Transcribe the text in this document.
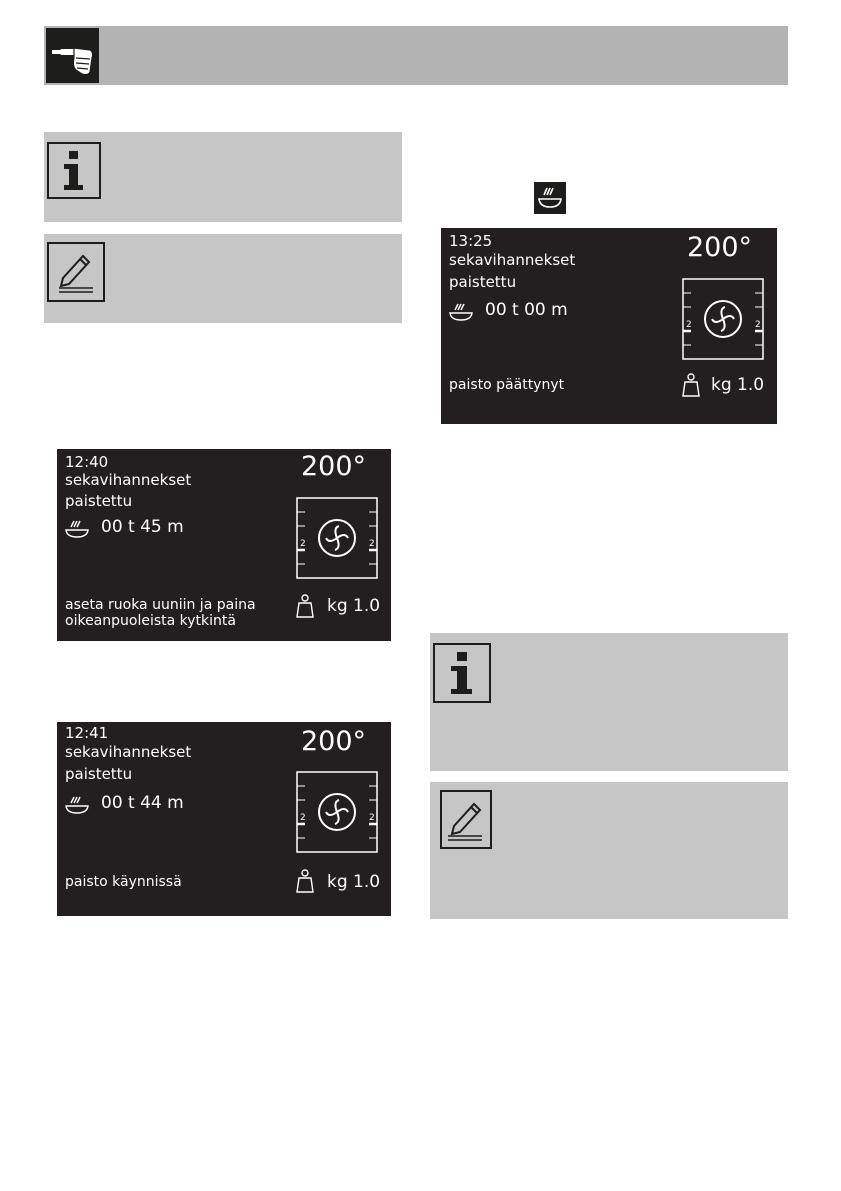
12:40
sekavihannekset
paistettu
00 t 45 m
200°
2	2
aseta ruoka uuniin ja paina
oikeanpuoleista kytkintä
kg 1.0
12:41
sekavihannekset
paistettu
00 t 44 m
200°
2	2
paisto käynnissä	kg 1.0
13:25
sekavihannekset
paistettu
00 t 00 m
200°
2	2
paisto päättynyt	kg 1.0
